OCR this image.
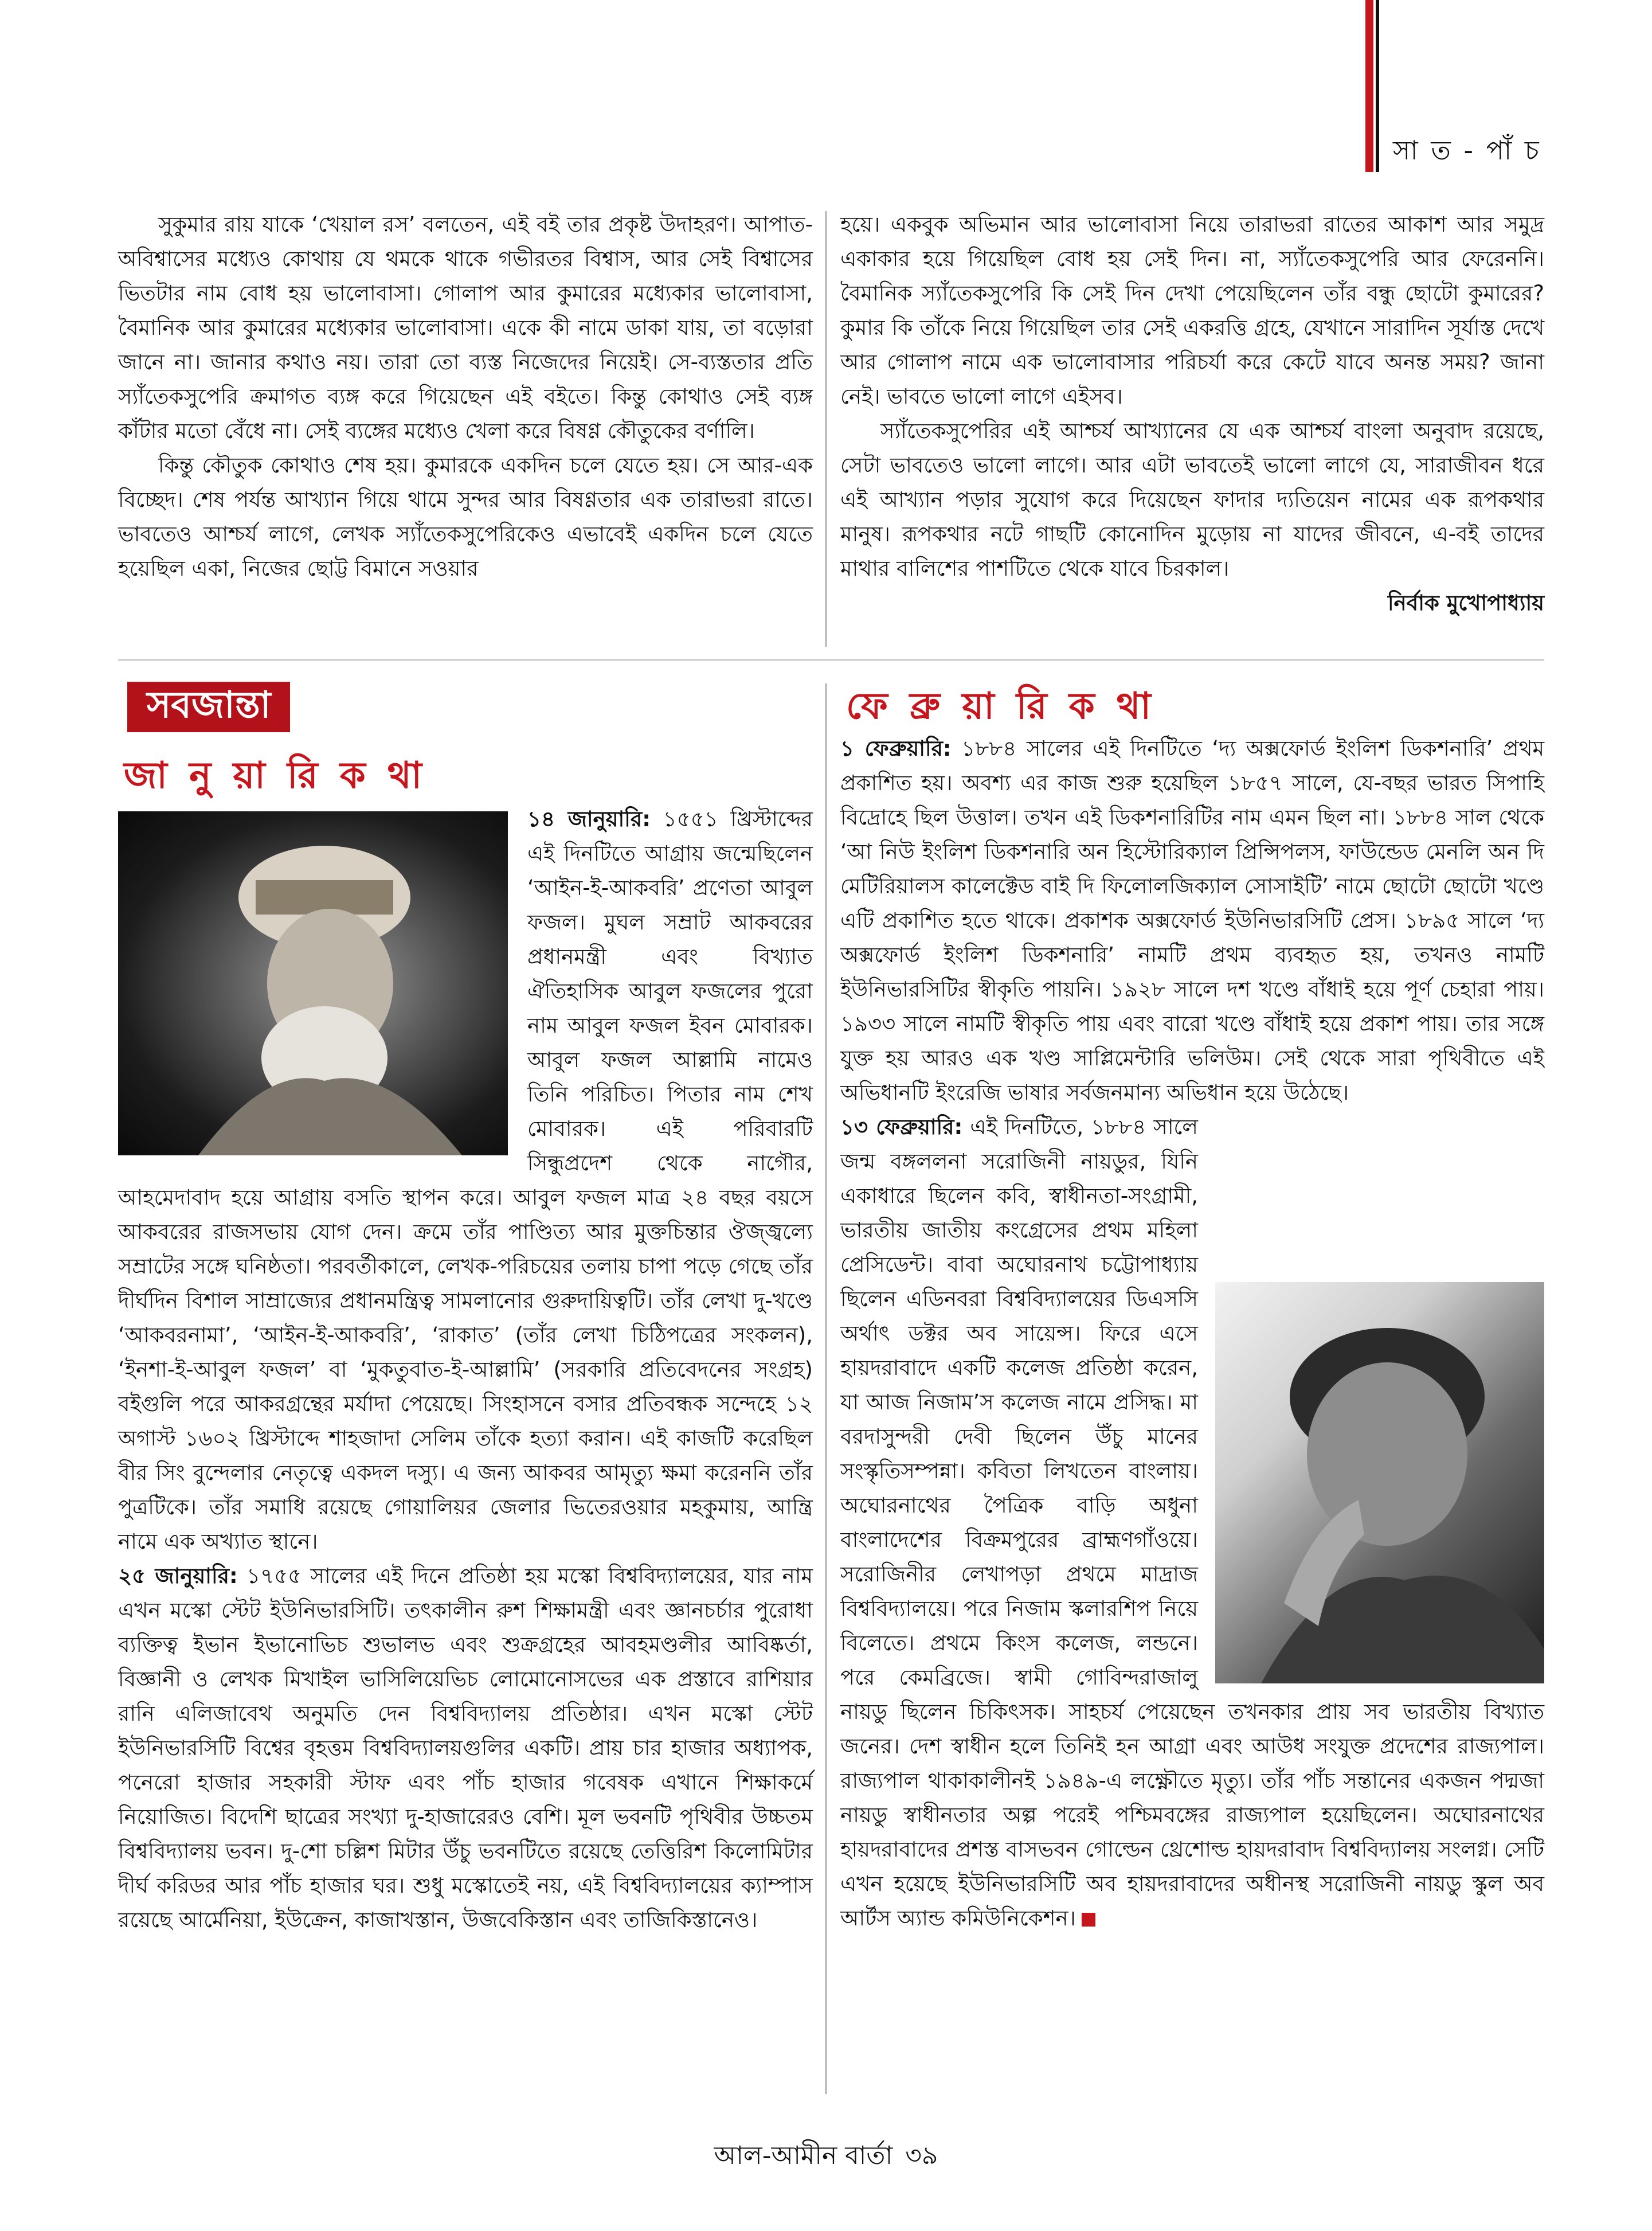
সা ত - পাঁ চ

সুকুমার রায় যাকে ‘খেয়াল রস’ বলতেন, এই বই তার প্রকৃষ্ট উদাহরণ। আপাত-অবিশ্বাসের মধ্যেও কোথায় যে থমকে থাকে গভীরতর বিশ্বাস, আর সেই বিশ্বাসের ভিতটার নাম বোধ হয় ভালোবাসা। গোলাপ আর কুমারের মধ্যেকার ভালোবাসা, বৈমানিক আর কুমারের মধ্যেকার ভালোবাসা। একে কী নামে ডাকা যায়, তা বড়োরা জানে না। জানার কথাও নয়। তারা তো ব্যস্ত নিজেদের নিয়েই। সে-ব্যস্ততার প্রতি স্যাঁতেকসুপেরি ক্রমাগত ব্যঙ্গ করে গিয়েছেন এই বইতে। কিন্তু কোথাও সেই ব্যঙ্গ কাঁটার মতো বেঁধে না। সেই ব্যঙ্গের মধ্যেও খেলা করে বিষণ্ণ কৌতুকের বর্ণালি।

কিন্তু কৌতুক কোথাও শেষ হয়। কুমারকে একদিন চলে যেতে হয়। সে আর-এক বিচ্ছেদ। শেষ পর্যন্ত আখ্যান গিয়ে থামে সুন্দর আর বিষণ্ণতার এক তারাভরা রাতে। ভাবতেও আশ্চর্য লাগে, লেখক স্যাঁতেকসুপেরিকেও এভাবেই একদিন চলে যেতে হয়েছিল একা, নিজের ছোট্ট বিমানে সওয়ার

হয়ে। একবুক অভিমান আর ভালোবাসা নিয়ে তারাভরা রাতের আকাশ আর সমুদ্র একাকার হয়ে গিয়েছিল বোধ হয় সেই দিন। না, স্যাঁতেকসুপেরি আর ফেরেননি। বৈমানিক স্যাঁতেকসুপেরি কি সেই দিন দেখা পেয়েছিলেন তাঁর বন্ধু ছোটো কুমারের? কুমার কি তাঁকে নিয়ে গিয়েছিল তার সেই একরত্তি গ্রহে, যেখানে সারাদিন সূর্যাস্ত দেখে আর গোলাপ নামে এক ভালোবাসার পরিচর্যা করে কেটে যাবে অনন্ত সময়? জানা নেই। ভাবতে ভালো লাগে এইসব।

স্যাঁতেকসুপেরির এই আশ্চর্য আখ্যানের যে এক আশ্চর্য বাংলা অনুবাদ রয়েছে, সেটা ভাবতেও ভালো লাগে। আর এটা ভাবতেই ভালো লাগে যে, সারাজীবন ধরে এই আখ্যান পড়ার সুযোগ করে দিয়েছেন ফাদার দ্যতিয়েন নামের এক রূপকথার মানুষ। রূপকথার নটে গাছটি কোনোদিন মুড়োয় না যাদের জীবনে, এ-বই তাদের মাথার বালিশের পাশটিতে থেকে যাবে চিরকাল।

নির্বাক মুখোপাধ্যায়
সবজান্তা
জা নু য়া রি ক থা
১৪ জানুয়ারি: ১৫৫১ খ্রিস্টাব্দের এই দিনটিতে আগ্রায় জন্মেছিলেন ‘আইন-ই-আকবরি’ প্রণেতা আবুল ফজল। মুঘল সম্রাট আকবরের প্রধানমন্ত্রী এবং বিখ্যাত ঐতিহাসিক আবুল ফজলের পুরো নাম আবুল ফজল ইবন মোবারক। আবুল ফজল আল্লামি নামেও তিনি পরিচিত। পিতার নাম শেখ মোবারক। এই পরিবারটি সিন্ধুপ্রদেশ থেকে নাগৌর, আহমেদাবাদ হয়ে আগ্রায় বসতি স্থাপন করে। আবুল ফজল মাত্র ২৪ বছর বয়সে আকবরের রাজসভায় যোগ দেন। ক্রমে তাঁর পাণ্ডিত্য আর মুক্তচিন্তার ঔজ্জ্বল্যে সম্রাটের সঙ্গে ঘনিষ্ঠতা। পরবর্তীকালে, লেখক-পরিচয়ের তলায় চাপা পড়ে গেছে তাঁর দীর্ঘদিন বিশাল সাম্রাজ্যের প্রধানমন্ত্রিত্ব সামলানোর গুরুদায়িত্বটি। তাঁর লেখা দু-খণ্ডে ‘আকবরনামা’, ‘আইন-ই-আকবরি’, ‘রাকাত’ (তাঁর লেখা চিঠিপত্রের সংকলন), ‘ইনশা-ই-আবুল ফজল’ বা ‘মুকতুবাত-ই-আল্লামি’ (সরকারি প্রতিবেদনের সংগ্রহ) বইগুলি পরে আকরগ্রন্থের মর্যাদা পেয়েছে। সিংহাসনে বসার প্রতিবন্ধক সন্দেহে ১২ অগাস্ট ১৬০২ খ্রিস্টাব্দে শাহজাদা সেলিম তাঁকে হত্যা করান। এই কাজটি করেছিল বীর সিং বুন্দেলার নেতৃত্বে একদল দস্যু। এ জন্য আকবর আমৃত্যু ক্ষমা করেননি তাঁর পুত্রটিকে। তাঁর সমাধি রয়েছে গোয়ালিয়র জেলার ভিতেরওয়ার মহকুমায়, আন্ত্রি নামে এক অখ্যাত স্থানে।
২৫ জানুয়ারি: ১৭৫৫ সালের এই দিনে প্রতিষ্ঠা হয় মস্কো বিশ্ববিদ্যালয়ের, যার নাম এখন মস্কো স্টেট ইউনিভারসিটি। তৎকালীন রুশ শিক্ষামন্ত্রী এবং জ্ঞানচর্চার পুরোধা ব্যক্তিত্ব ইভান ইভানোভিচ শুভালভ এবং শুক্রগ্রহের আবহমণ্ডলীর আবিষ্কর্তা, বিজ্ঞানী ও লেখক মিখাইল ভাসিলিয়েভিচ লোমোনোসভের এক প্রস্তাবে রাশিয়ার রানি এলিজাবেথ অনুমতি দেন বিশ্ববিদ্যালয় প্রতিষ্ঠার। এখন মস্কো স্টেট ইউনিভারসিটি বিশ্বের বৃহত্তম বিশ্ববিদ্যালয়গুলির একটি। প্রায় চার হাজার অধ্যাপক, পনেরো হাজার সহকারী স্টাফ এবং পাঁচ হাজার গবেষক এখানে শিক্ষাকর্মে নিয়োজিত। বিদেশি ছাত্রের সংখ্যা দু-হাজারেরও বেশি। মূল ভবনটি পৃথিবীর উচ্চতম বিশ্ববিদ্যালয় ভবন। দু-শো চল্লিশ মিটার উঁচু ভবনটিতে রয়েছে তেত্তিরিশ কিলোমিটার দীর্ঘ করিডর আর পাঁচ হাজার ঘর। শুধু মস্কোতেই নয়, এই বিশ্ববিদ্যালয়ের ক্যাম্পাস রয়েছে আর্মেনিয়া, ইউক্রেন, কাজাখস্তান, উজবেকিস্তান এবং তাজিকিস্তানেও।
ফে ব্রু য়া রি ক থা
১ ফেব্রুয়ারি: ১৮৮৪ সালের এই দিনটিতে ‘দ্য অক্সফোর্ড ইংলিশ ডিকশনারি’ প্রথম প্রকাশিত হয়। অবশ্য এর কাজ শুরু হয়েছিল ১৮৫৭ সালে, যে-বছর ভারত সিপাহি বিদ্রোহে ছিল উত্তাল। তখন এই ডিকশনারিটির নাম এমন ছিল না। ১৮৮৪ সাল থেকে ‘আ নিউ ইংলিশ ডিকশনারি অন হিস্টোরিক্যাল প্রিন্সিপলস, ফাউন্ডেড মেনলি অন দি মেটিরিয়ালস কালেক্টেড বাই দি ফিলোলজিক্যাল সোসাইটি’ নামে ছোটো ছোটো খণ্ডে এটি প্রকাশিত হতে থাকে। প্রকাশক অক্সফোর্ড ইউনিভারসিটি প্রেস। ১৮৯৫ সালে ‘দ্য অক্সফোর্ড ইংলিশ ডিকশনারি’ নামটি প্রথম ব্যবহৃত হয়, তখনও নামটি ইউনিভারসিটির স্বীকৃতি পায়নি। ১৯২৮ সালে দশ খণ্ডে বাঁধাই হয়ে পূর্ণ চেহারা পায়। ১৯৩৩ সালে নামটি স্বীকৃতি পায় এবং বারো খণ্ডে বাঁধাই হয়ে প্রকাশ পায়। তার সঙ্গে যুক্ত হয় আরও এক খণ্ড সাপ্লিমেন্টারি ভলিউম। সেই থেকে সারা পৃথিবীতে এই অভিধানটি ইংরেজি ভাষার সর্বজনমান্য অভিধান হয়ে উঠেছে।

১৩ ফেব্রুয়ারি: এই দিনটিতে, ১৮৮৪ সালে জন্ম বঙ্গললনা সরোজিনী নায়ডুর, যিনি একাধারে ছিলেন কবি, স্বাধীনতা-সংগ্রামী, ভারতীয় জাতীয় কংগ্রেসের প্রথম মহিলা প্রেসিডেন্ট। বাবা অঘোরনাথ চট্টোপাধ্যায় ছিলেন এডিনবরা বিশ্ববিদ্যালয়ের ডিএসসি অর্থাৎ ডক্টর অব সায়েন্স। ফিরে এসে হায়দরাবাদে একটি কলেজ প্রতিষ্ঠা করেন, যা আজ নিজাম’স কলেজ নামে প্রসিদ্ধ। মা বরদাসুন্দরী দেবী ছিলেন উঁচু মানের সংস্কৃতিসম্পন্না। কবিতা লিখতেন বাংলায়। অঘোরনাথের পৈত্রিক বাড়ি অধুনা বাংলাদেশের বিক্রমপুরের ব্রাহ্মণগাঁওয়ে। সরোজিনীর লেখাপড়া প্রথমে মাদ্রাজ বিশ্ববিদ্যালয়ে। পরে নিজাম স্কলারশিপ নিয়ে বিলেতে। প্রথমে কিংস কলেজ, লন্ডনে। পরে কেমব্রিজে। স্বামী গোবিন্দরাজালু নায়ডু ছিলেন চিকিৎসক। সাহচর্য পেয়েছেন তখনকার প্রায় সব ভারতীয় বিখ্যাত জনের। দেশ স্বাধীন হলে তিনিই হন আগ্রা এবং আউধ সংযুক্ত প্রদেশের রাজ্যপাল। রাজ্যপাল থাকাকালীনই ১৯৪৯-এ লক্ষ্ণৌতে মৃত্যু। তাঁর পাঁচ সন্তানের একজন পদ্মজা নায়ডু স্বাধীনতার অল্প পরেই পশ্চিমবঙ্গের রাজ্যপাল হয়েছিলেন। অঘোরনাথের হায়দরাবাদের প্রশস্ত বাসভবন গোল্ডেন থ্রেশোল্ড হায়দরাবাদ বিশ্ববিদ্যালয় সংলগ্ন। সেটি এখন হয়েছে ইউনিভারসিটি অব হায়দরাবাদের অধীনস্থ সরোজিনী নায়ডু স্কুল অব আর্টস অ্যান্ড কমিউনিকেশন।
আল-আমীন বার্তা ৩৯
